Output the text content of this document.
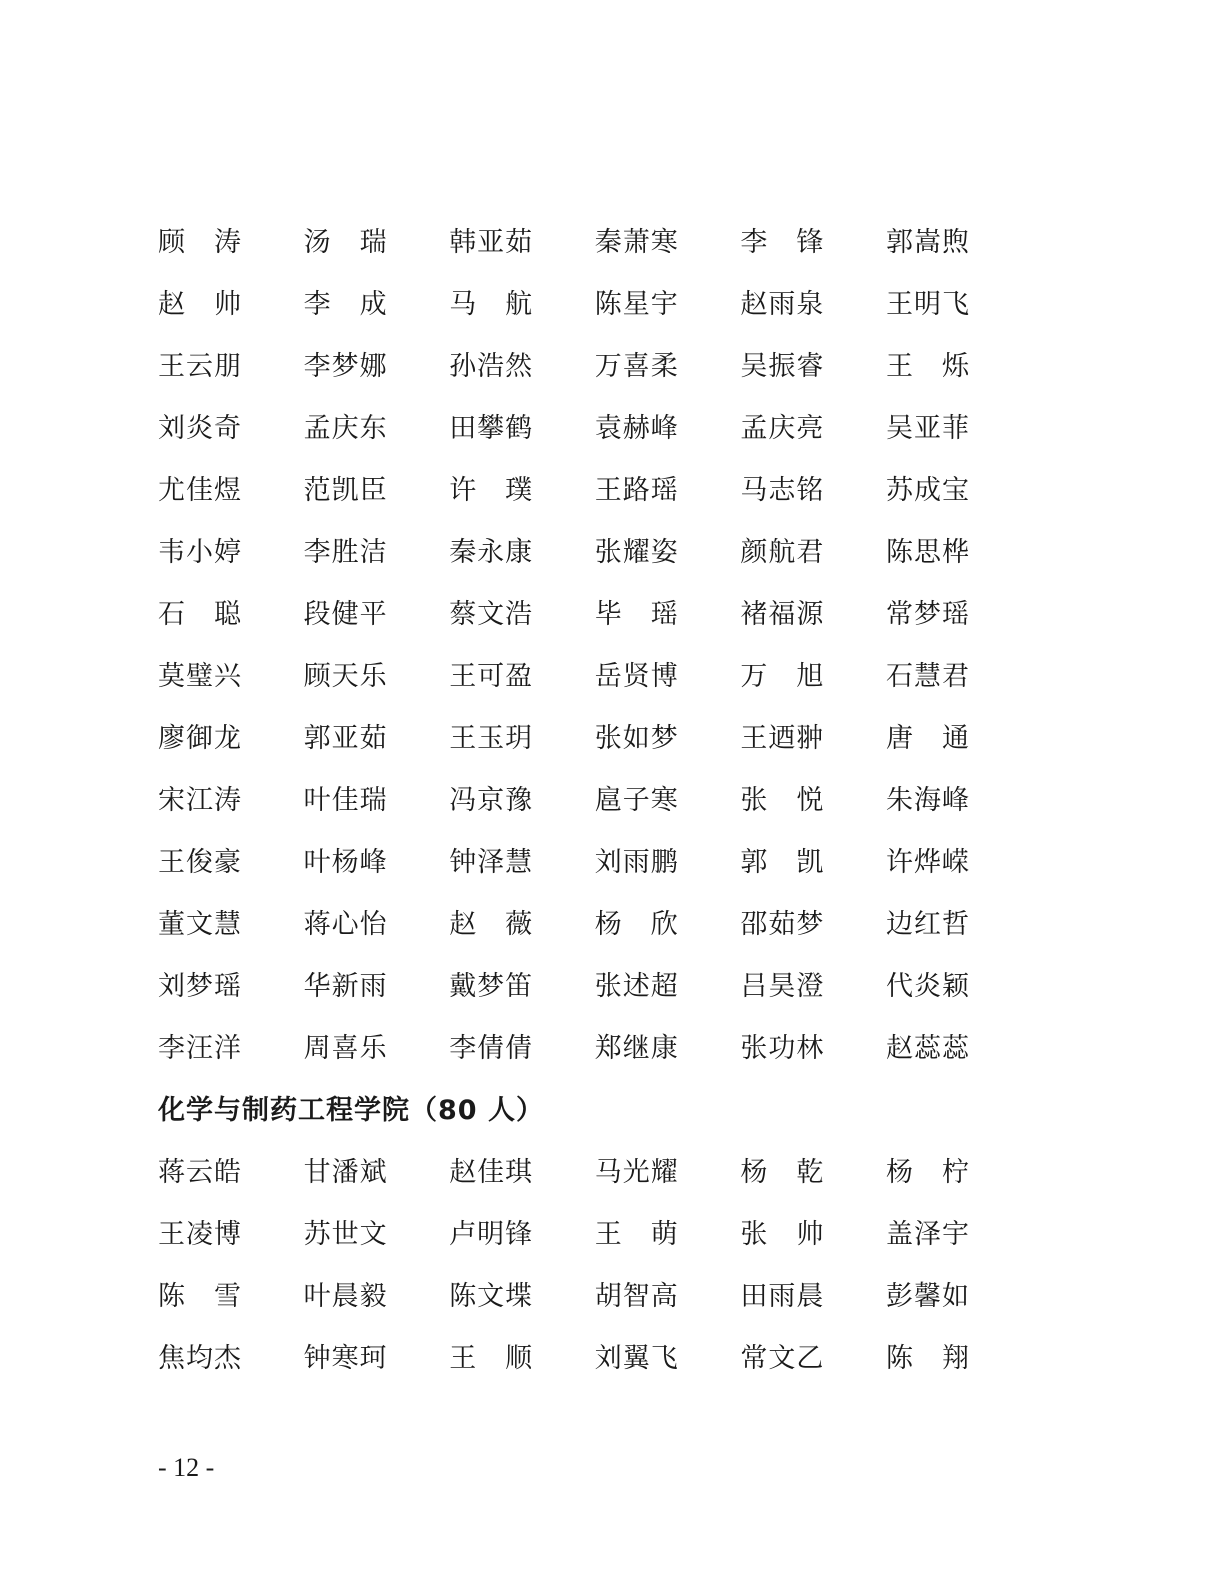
顾　涛	汤　瑞	韩亚茹	秦萧寒	李　锋	郭嵩煦
赵　帅	李　成	马　航	陈星宇	赵雨泉	王明飞
王云朋	李梦娜	孙浩然	万喜柔	吴振睿	王　烁
刘炎奇	孟庆东	田攀鹤	袁赫峰	孟庆亮	吴亚菲
尤佳煜	范凯臣	许　璞	王路瑶	马志铭	苏成宝
韦小婷	李胜洁	秦永康	张耀姿	颜航君	陈思桦
石　聪	段健平	蔡文浩	毕　瑶	褚福源	常梦瑶
莫璧兴	顾天乐	王可盈	岳贤博	万　旭	石慧君
廖御龙	郭亚茹	王玉玥	张如梦	王迺翀	唐　通
宋江涛	叶佳瑞	冯京豫	扈子寒	张　悦	朱海峰
王俊豪	叶杨峰	钟泽慧	刘雨鹏	郭　凯	许烨嵘
董文慧	蒋心怡	赵　薇	杨　欣	邵茹梦	边红哲
刘梦瑶	华新雨	戴梦笛	张述超	吕昊澄	代炎颖
李汪洋	周喜乐	李倩倩	郑继康	张功林	赵蕊蕊
化学与制药工程学院（80 人）
蒋云皓	甘潘斌	赵佳琪	马光耀	杨　乾	杨　柠
王凌博	苏世文	卢明锋	王　萌	张　帅	盖泽宇
陈　雪	叶晨毅	陈文堞	胡智高	田雨晨	彭馨如
焦均杰	钟寒珂	王　顺	刘翼飞	常文乙	陈　翔
- 12 -
